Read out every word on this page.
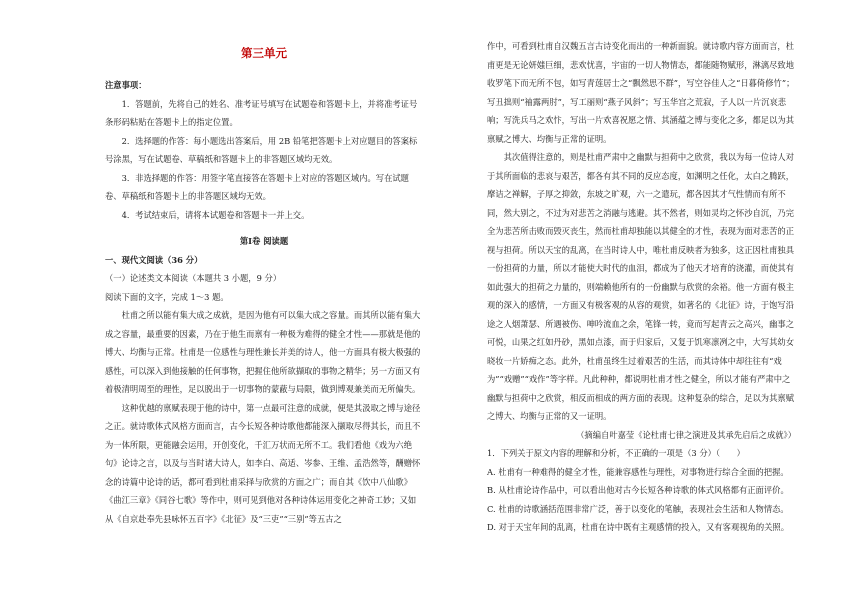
第三单元

注意事项：

1．答题前，先将自己的姓名、准考证号填写在试题卷和答题卡上，并将准考证号条形码粘贴在答题卡上的指定位置。

2．选择题的作答：每小题选出答案后，用 2B 铅笔把答题卡上对应题目的答案标号涂黑，写在试题卷、草稿纸和答题卡上的非答题区域均无效。

3．非选择题的作答：用签字笔直接答在答题卡上对应的答题区域内。写在试题卷、草稿纸和答题卡上的非答题区域均无效。

4．考试结束后，请将本试题卷和答题卡一并上交。

第Ⅰ卷 阅读题

一、现代文阅读（36 分）

（一）论述类文本阅读（本题共 3 小题，9 分）

阅读下面的文字，完成 1～3 题。

杜甫之所以能有集大成之成就，是因为他有可以集大成之容量。而其所以能有集大成之容量，最重要的因素，乃在于他生而禀有一种极为难得的健全才性——那就是他的博大、均衡与正常。杜甫是一位感性与理性兼长并美的诗人，他一方面具有极大极强的感性，可以深入到他接触的任何事物，把握住他所欲撷取的事物之精华；另一方面又有着极清明周至的理性，足以脱出于一切事物的蒙蔽与局限，做到博观兼美而无所偏失。

这种优越的禀赋表现于他的诗中，第一点最可注意的成就，便是其汲取之博与途径之正。就诗歌体式风格方面而言，古今长短各种诗歌他都能深入撷取尽得其长，而且不为一体所限，更能融会运用，开创变化，千汇万状而无所不工。我们看他《戏为六绝句》论诗之言，以及与当时诸大诗人，如李白、高适、岑参、王维、孟浩然等，酬赠怀念的诗篇中论诗的话，都可看到杜甫采择与欣赏的方面之广；而自其《饮中八仙歌》《曲江三章》《同谷七歌》等作中，则可见到他对各种诗体运用变化之神奇工妙；又如从《自京赴奉先县咏怀五百字》《北征》及“三吏”“三别”等五古之

作中，可看到杜甫自汉魏五言古诗变化而出的一种新面貌。就诗歌内容方面而言，杜甫更是无论妍媸巨细，悲欢忧喜，宇宙的一切人物情态，都能随物赋形，淋漓尽致地收罗笔下而无所不包，如写青莲居士之“飘然思不群”，写空谷佳人之“日暮倚修竹”；写丑拙则“袖露两肘”，写工丽则“燕子风斜”；写玉华宫之荒寂，子人以一片沉哀悲响；写洗兵马之欢忭，写出一片欢喜祝愿之情、其涵蕴之博与变化之多，都足以为其禀赋之博大、均衡与正常的证明。

其次值得注意的，则是杜甫严肃中之幽默与担荷中之欣赏，我以为每一位诗人对于其所面临的悲哀与艰苦，都各有其不同的反应态度，如渊明之任化，太白之腾跃，摩诘之禅解，子厚之抑敛，东坡之旷观，六一之遣玩，都各因其才气性情而有所不同，然大别之，不过为对悲苦之消融与逃避。其不然者，则如灵均之怀沙自沉，乃完全为悲苦所击败而毁灭丧生，然而杜甫却独能以其健全的才性，表现为面对悲苦的正视与担荷。所以天宝的乱离，在当时诗人中，唯杜甫反映者为独多，这正因杜甫独具一份担荷的力量，所以才能使大时代的血泪，都成为了他天才培育的浇灌，而使其有如此强大的担荷之力量的，则端赖他所有的一份幽默与欣赏的余裕。他一方面有极主观的深入的感情，一方面又有极客观的从容的观赏，如著名的《北征》诗，于饱写沿途之人烟萧瑟、所遇被伤、呻吟流血之余，笔锋一转，竟而写起青云之高兴，幽事之可悦，山果之红如丹砂，黑如点漆，而于归家后，又复于饥寒凛冽之中，大写其幼女晓妆一片娇痴之态。此外，杜甫虽终生过着艰苦的生活，而其诗体中却往往有“戏为”“戏赠”“戏作”等字样。凡此种种，都说明杜甫才性之健全，所以才能有严肃中之幽默与担荷中之欣赏，相反而相成的两方面的表现。这种复杂的综合，足以为其禀赋之博大、均衡与正常的又一证明。

（摘编自叶嘉莹《论杜甫七律之演进及其承先启后之成就》）

1．下列关于原文内容的理解和分析，不正确的一项是（3 分）（　　）

A. 杜甫有一种难得的健全才性，能兼容感性与理性，对事物进行综合全面的把握。

B. 从杜甫论诗作品中，可以看出他对古今长短各种诗歌的体式风格都有正面评价。

C. 杜甫的诗歌涵括范围非常广泛，善于以变化的笔触，表现社会生活和人物情态。

D. 对于天宝年间的乱离，杜甫在诗中既有主观感情的投入，又有客观视角的关照。
